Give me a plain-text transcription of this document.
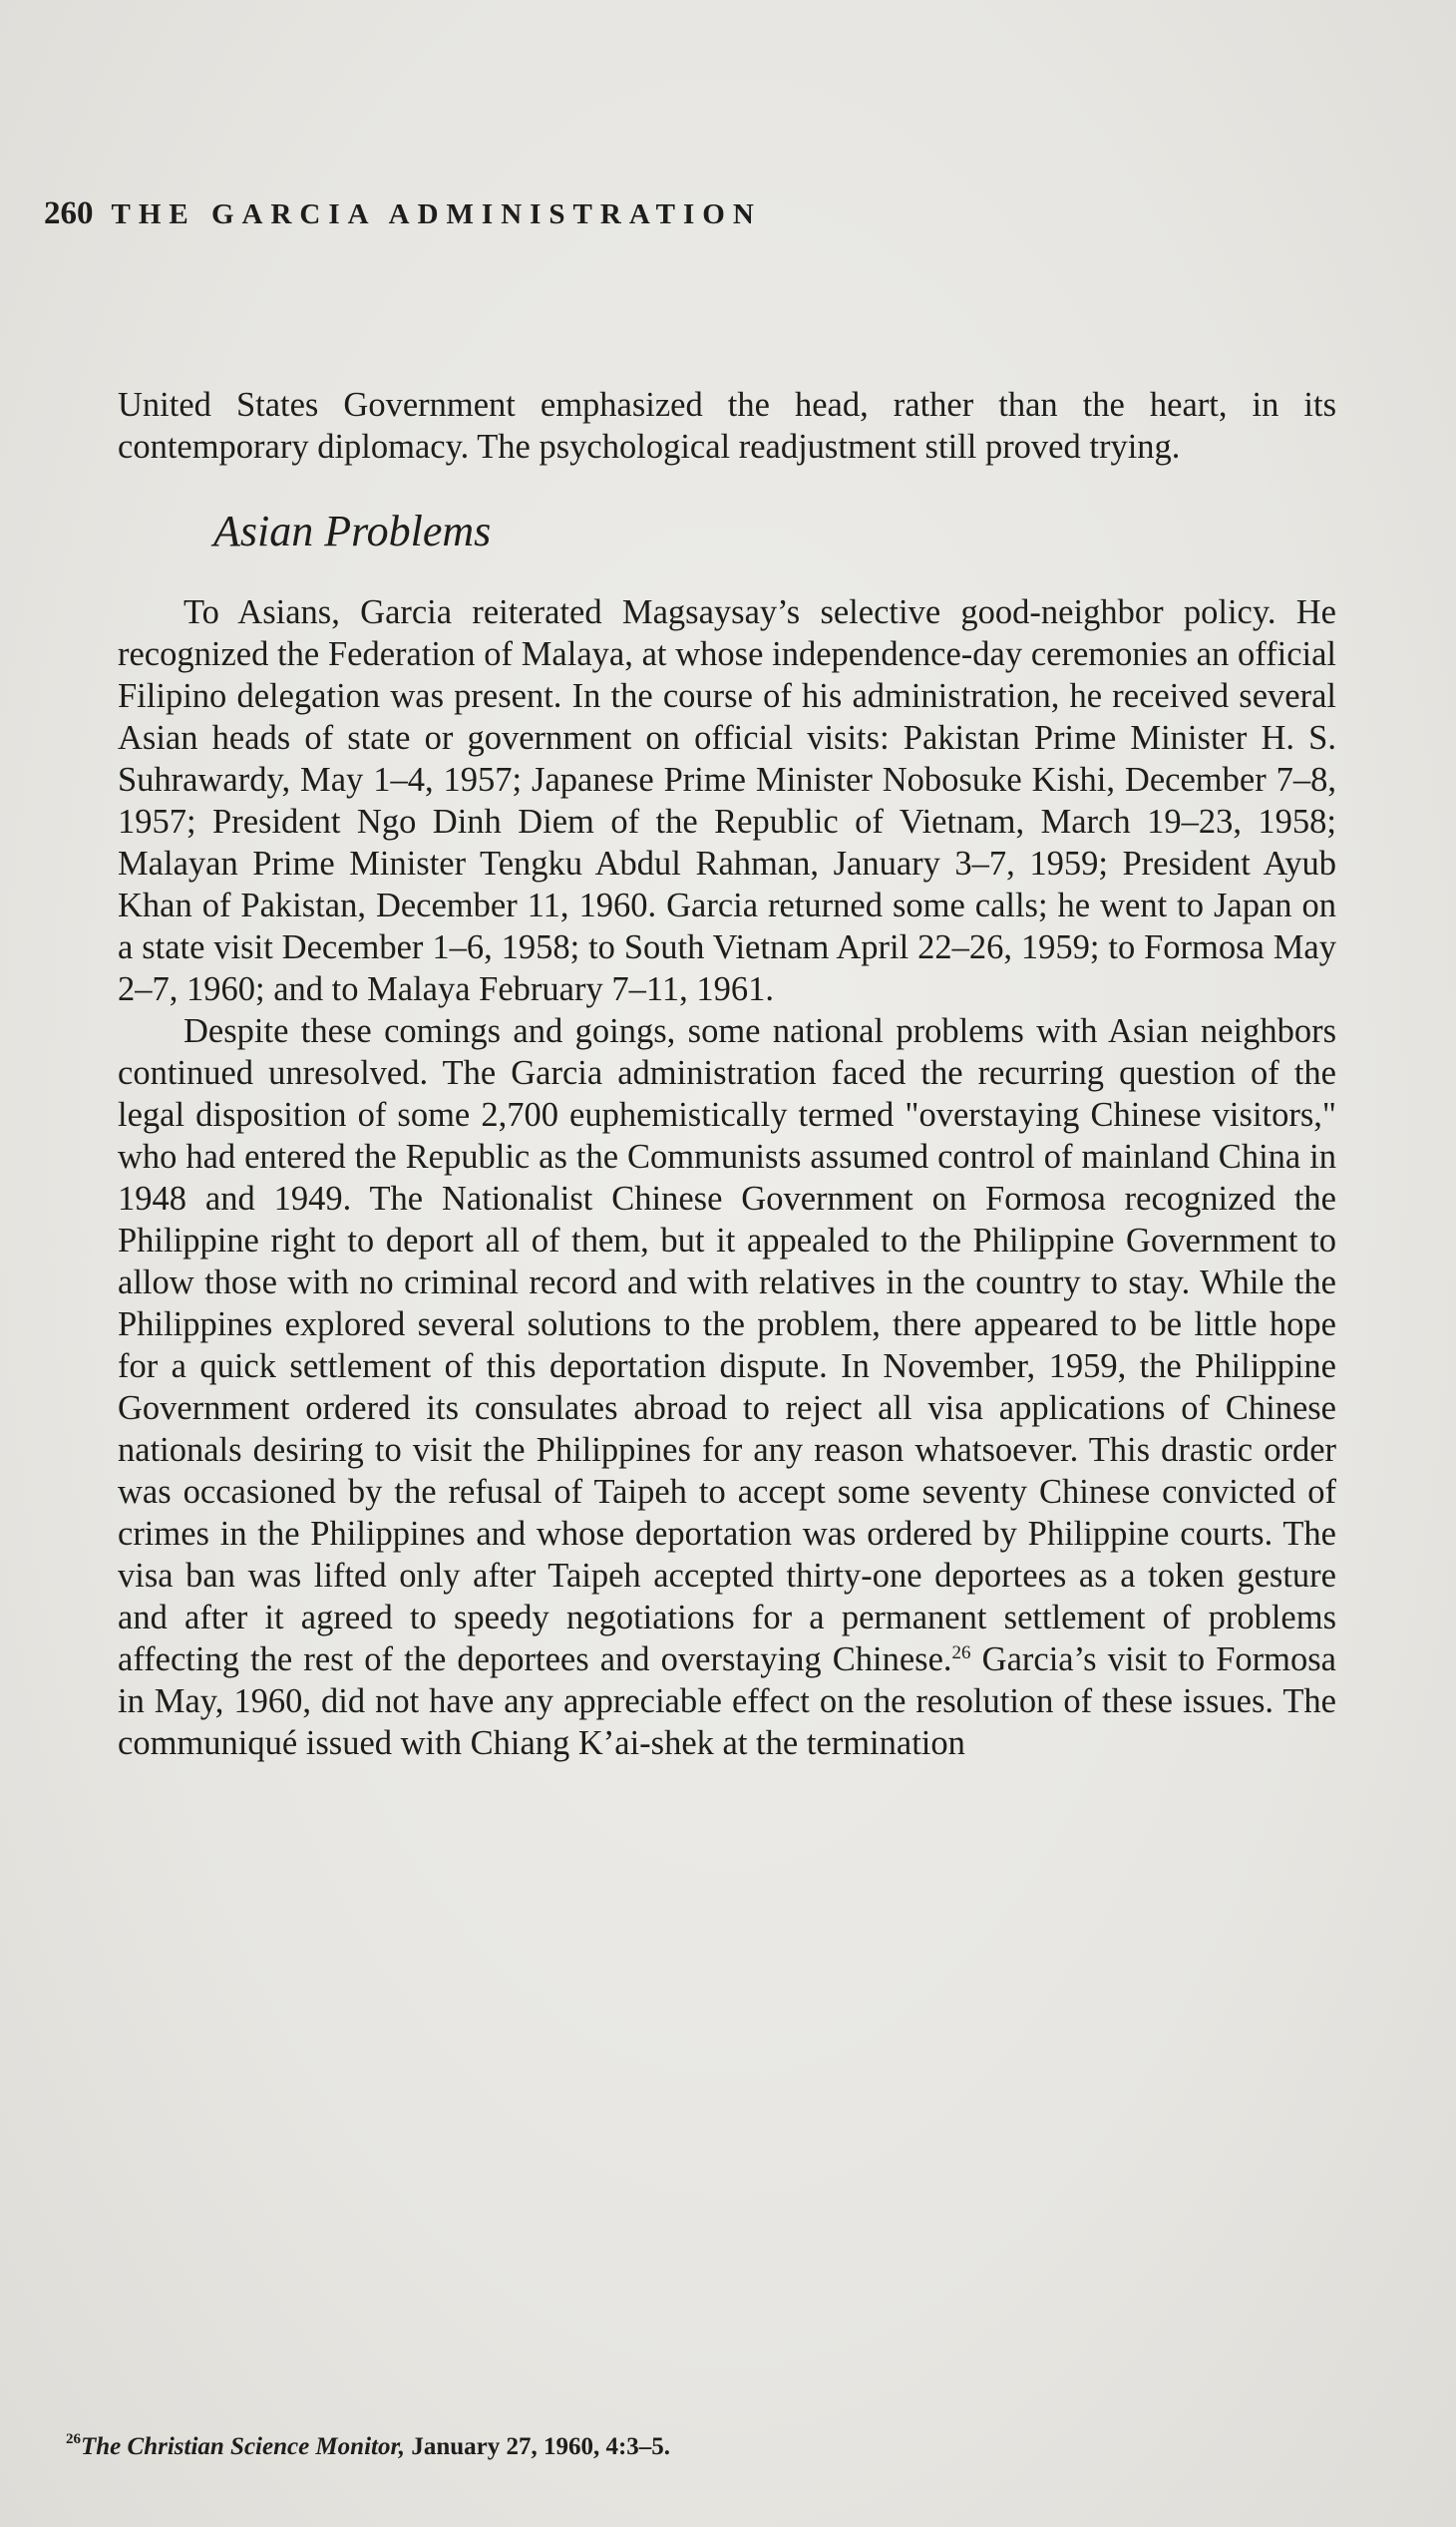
260 THE GARCIA ADMINISTRATION

United States Government emphasized the head, rather than the heart, in its contemporary diplomacy. The psychological readjustment still proved trying.

Asian Problems

To Asians, Garcia reiterated Magsaysay’s selective good-neighbor policy. He recognized the Federation of Malaya, at whose independence-day ceremonies an official Filipino delegation was present. In the course of his administration, he received several Asian heads of state or government on official visits: Pakistan Prime Minister H. S. Suhrawardy, May 1–4, 1957; Japanese Prime Minister Nobosuke Kishi, December 7–8, 1957; President Ngo Dinh Diem of the Republic of Vietnam, March 19–23, 1958; Malayan Prime Minister Tengku Abdul Rahman, January 3–7, 1959; President Ayub Khan of Pakistan, December 11, 1960. Garcia returned some calls; he went to Japan on a state visit December 1–6, 1958; to South Vietnam April 22–26, 1959; to Formosa May 2–7, 1960; and to Malaya February 7–11, 1961.

Despite these comings and goings, some national problems with Asian neighbors continued unresolved. The Garcia administration faced the recurring question of the legal disposition of some 2,700 euphemistically termed "overstaying Chinese visitors," who had entered the Republic as the Communists assumed control of mainland China in 1948 and 1949. The Nationalist Chinese Government on Formosa recognized the Philippine right to deport all of them, but it appealed to the Philippine Government to allow those with no criminal record and with relatives in the country to stay. While the Philippines explored several solutions to the problem, there appeared to be little hope for a quick settlement of this deportation dispute. In November, 1959, the Philippine Government ordered its consulates abroad to reject all visa applications of Chinese nationals desiring to visit the Philippines for any reason whatsoever. This drastic order was occasioned by the refusal of Taipeh to accept some seventy Chinese convicted of crimes in the Philippines and whose deportation was ordered by Philippine courts. The visa ban was lifted only after Taipeh accepted thirty-one deportees as a token gesture and after it agreed to speedy negotiations for a permanent settlement of problems affecting the rest of the deportees and overstaying Chinese.$^{26}$ Garcia’s visit to Formosa in May, 1960, did not have any appreciable effect on the resolution of these issues. The communiqué issued with Chiang K’ai-shek at the termination

$^{26}$The Christian Science Monitor, January 27, 1960, 4:3–5.
